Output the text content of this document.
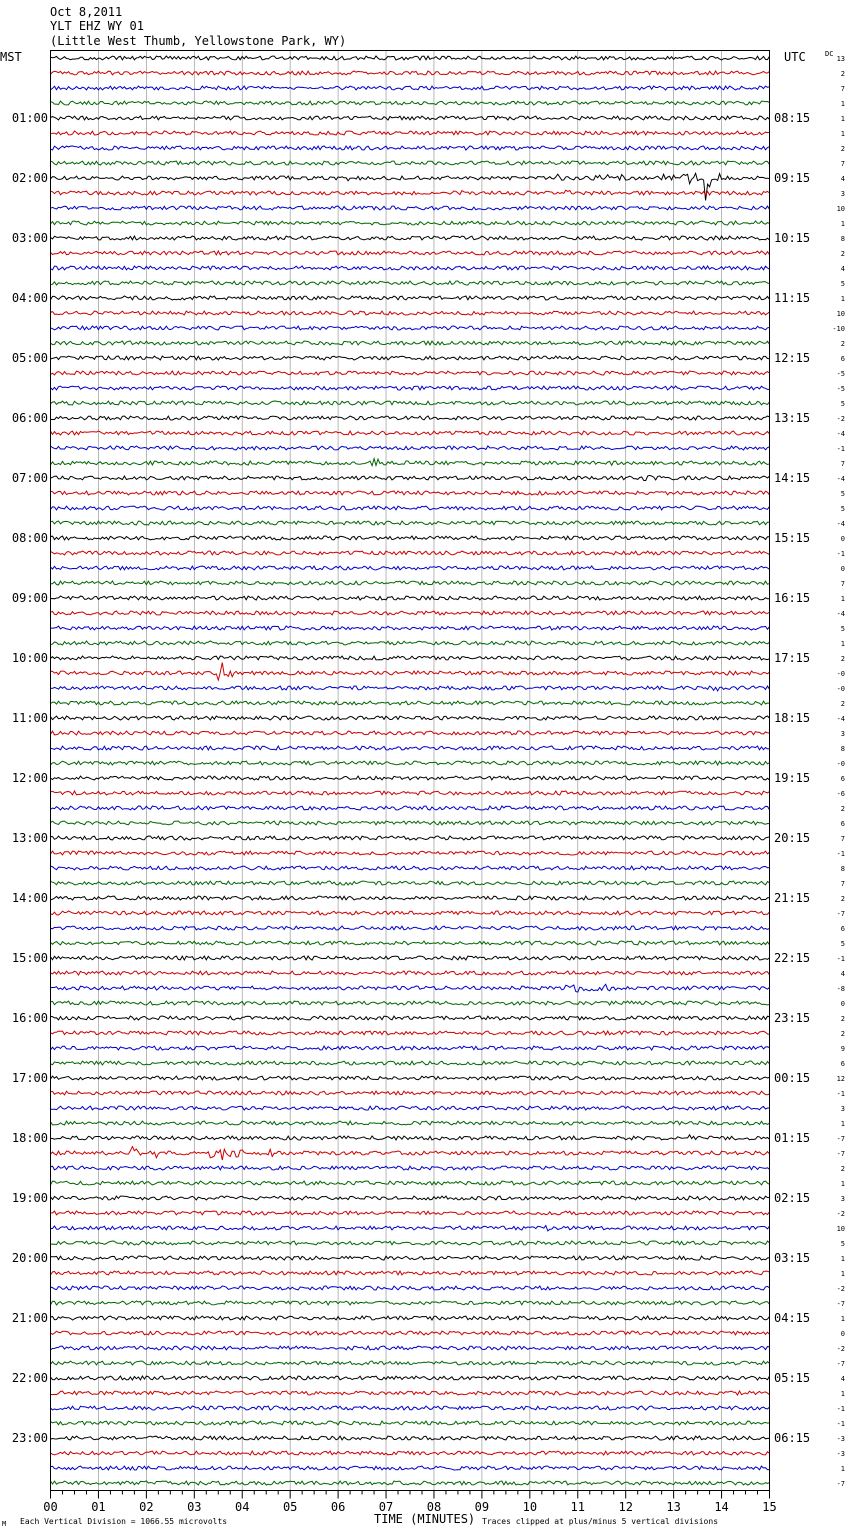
00	01	02	03	04	05	06	07	08	09	10	11	12	13	14	15
01:00
02:00
03:00
04:00
05:00
06:00
07:00
08:00
09:00
10:00
11:00
12:00
13:00
14:00
15:00
16:00
17:00
18:00
19:00
20:00
21:00
22:00
23:00
08:15
09:15
10:15
11:15
12:15
13:15
14:15
15:15
16:15
17:15
18:15
19:15
20:15
21:15
22:15
23:15
00:15
01:15
02:15
03:15
04:15
05:15
06:15
13
2
7
1
1
1
2
7
4
3
10
1
8
2
4
5
1
10
-10
2
6
-5
-5
5
-2
-4
-1
7
-4
5
5
-4
0
-1
0
7
1
-4
5
1
2
-0
-0
2
-4
3
8
-0
6
-6
2
6
7
-1
8
7
2
-7
6
5
-1
4
-8
0
2
2
9
6
12
-1
3
1
-7
-7
2
1
3
-2
10
5
1
1
-2
-7
1
0
-2
-7
4
1
-1
-1
-3
-3
1
-7
Oct 8,2011
YLT EHZ WY 01
(Little West Thumb, Yellowstone Park, WY)
MST	UTC	DC
M Each Vertical Division = 1066.55 microvolts	TIME (MINUTES) Traces clipped at plus/minus 5 vertical divisions
